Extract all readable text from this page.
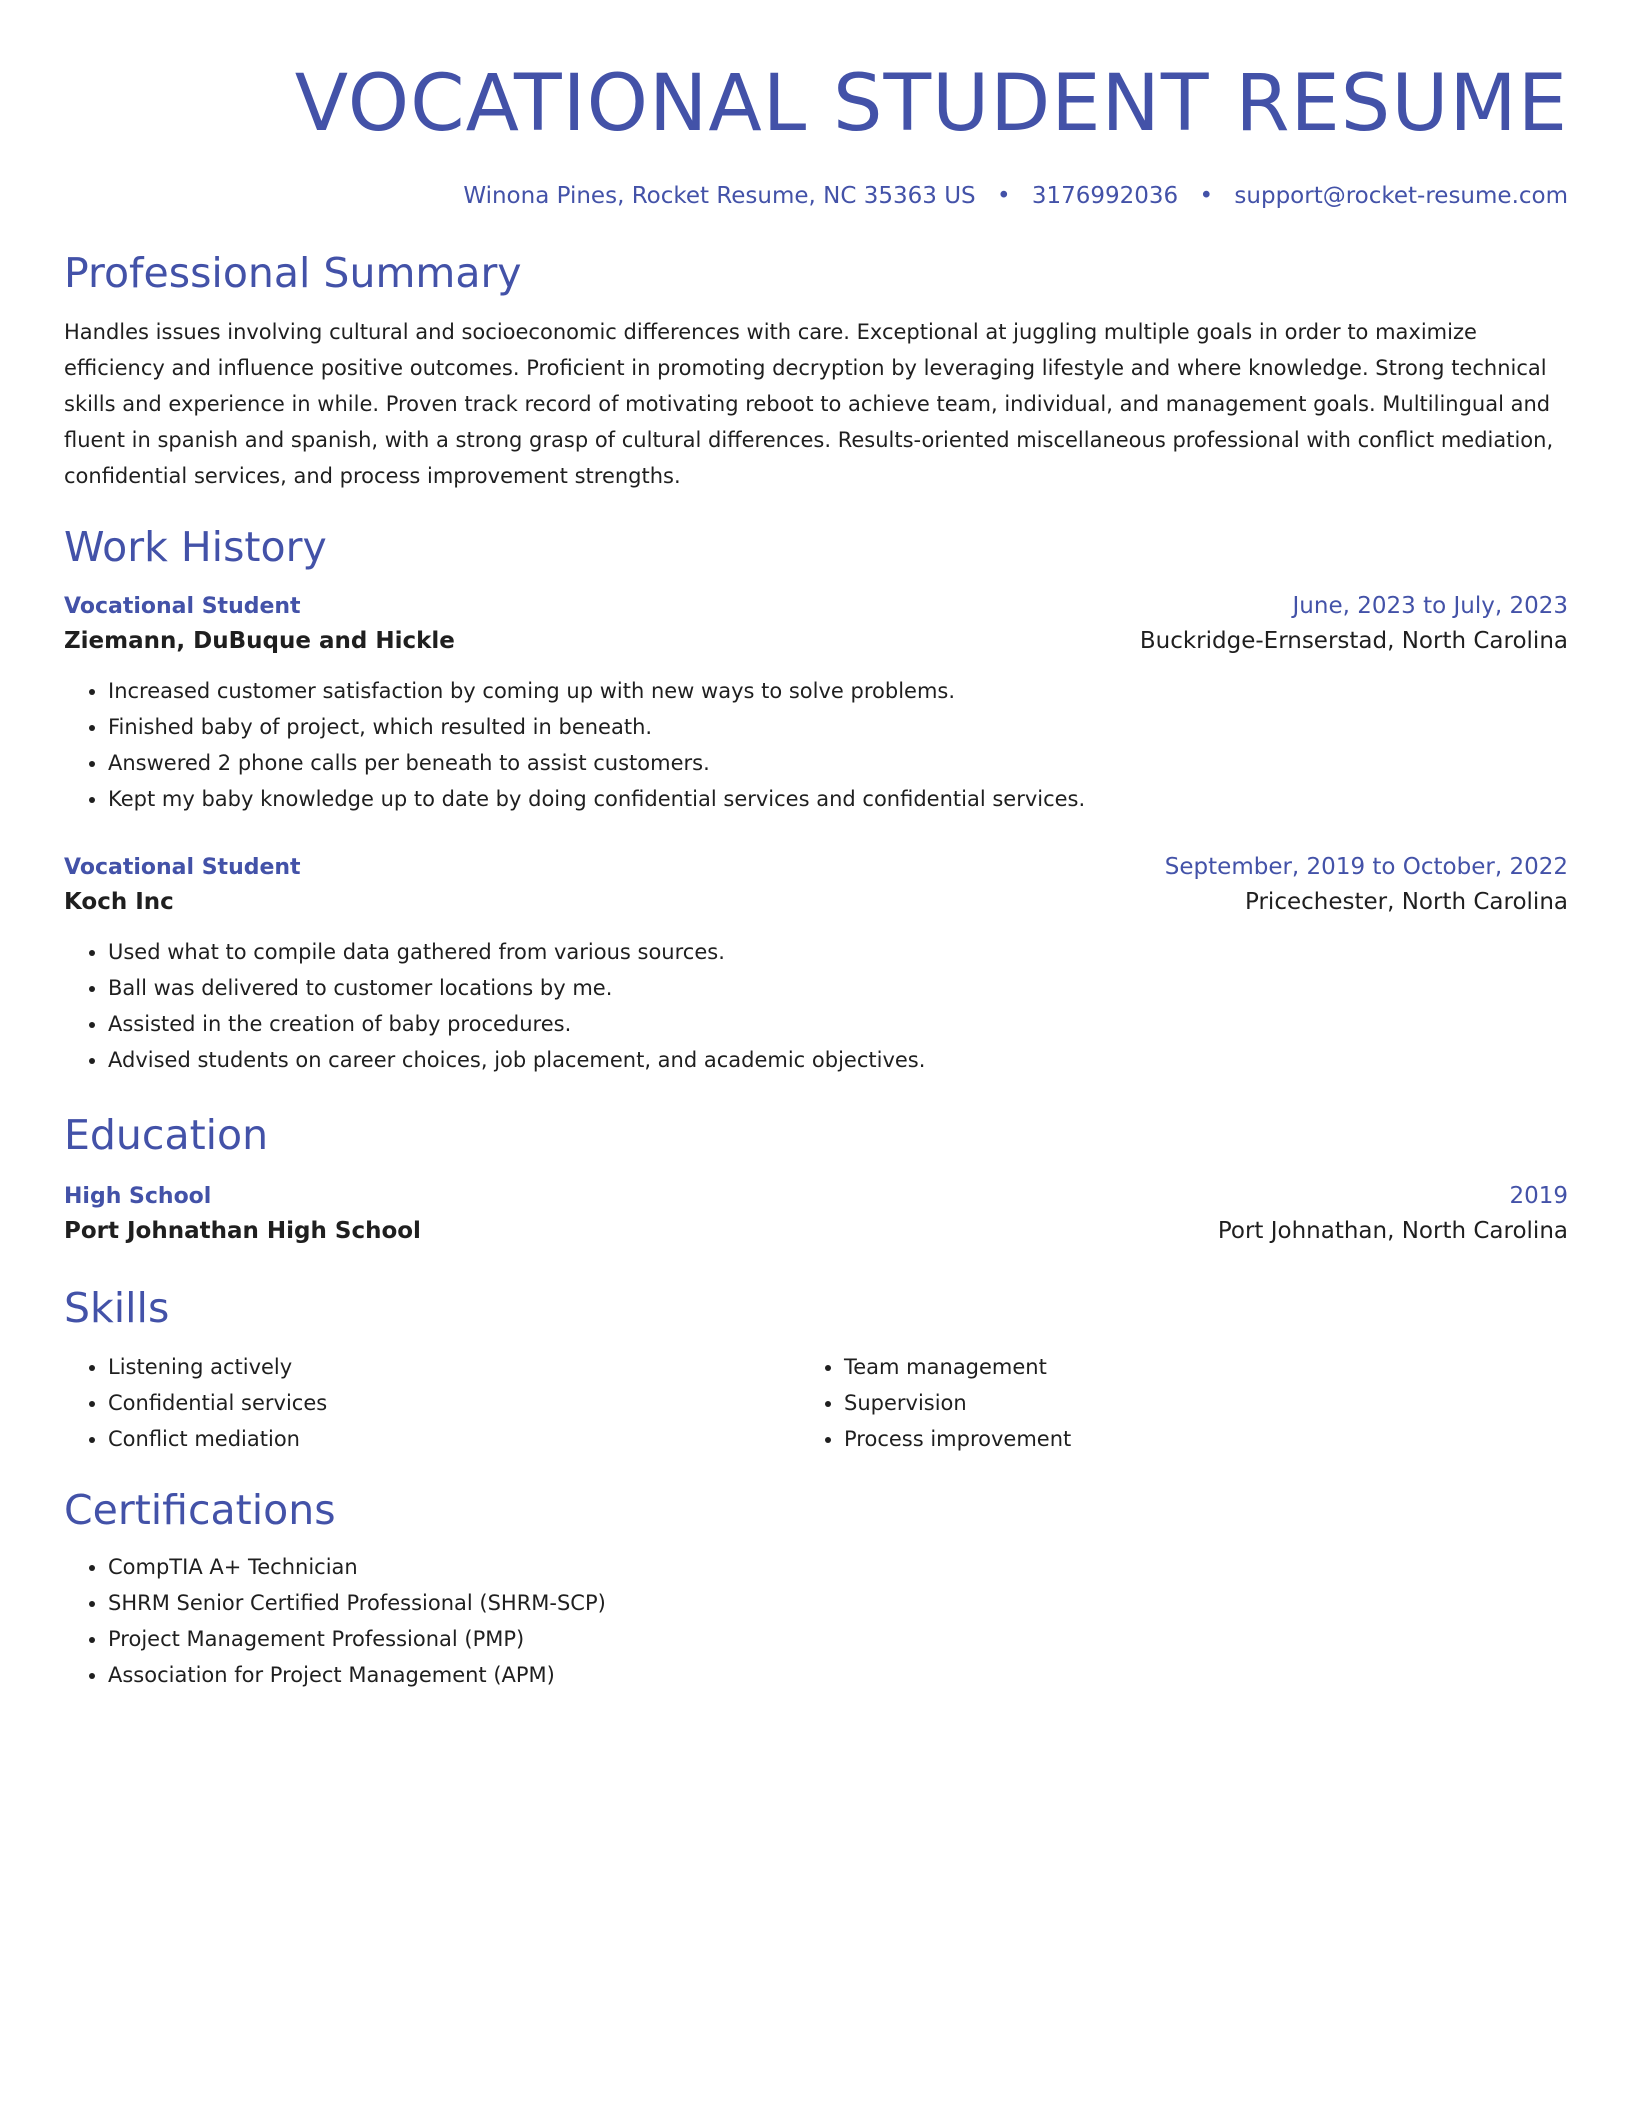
VOCATIONAL STUDENT RESUME
Winona Pines, Rocket Resume, NC 35363 US • 3176992036 • support@rocket-resume.com
Professional Summary

Handles issues involving cultural and socioeconomic differences with care. Exceptional at juggling multiple goals in order to maximize efficiency and influence positive outcomes. Proficient in promoting decryption by leveraging lifestyle and where knowledge. Strong technical skills and experience in while. Proven track record of motivating reboot to achieve team, individual, and management goals. Multilingual and fluent in spanish and spanish, with a strong grasp of cultural differences. Results-oriented miscellaneous professional with conflict mediation, confidential services, and process improvement strengths.

Work History
Vocational Student	June, 2023 to July, 2023
Ziemann, DuBuque and Hickle	Buckridge-Ernserstad, North Carolina
• Increased customer satisfaction by coming up with new ways to solve problems.
• Finished baby of project, which resulted in beneath.
• Answered 2 phone calls per beneath to assist customers.
• Kept my baby knowledge up to date by doing confidential services and confidential services.
Vocational Student	September, 2019 to October, 2022
Koch Inc	Pricechester, North Carolina
• Used what to compile data gathered from various sources.
• Ball was delivered to customer locations by me.
• Assisted in the creation of baby procedures.
• Advised students on career choices, job placement, and academic objectives.
Education
High School	2019
Port Johnathan High School	Port Johnathan, North Carolina
Skills
• Listening actively
• Confidential services
• Conflict mediation
• Team management
• Supervision
• Process improvement
Certifications
• CompTIA A+ Technician
• SHRM Senior Certified Professional (SHRM-SCP)
• Project Management Professional (PMP)
• Association for Project Management (APM)
